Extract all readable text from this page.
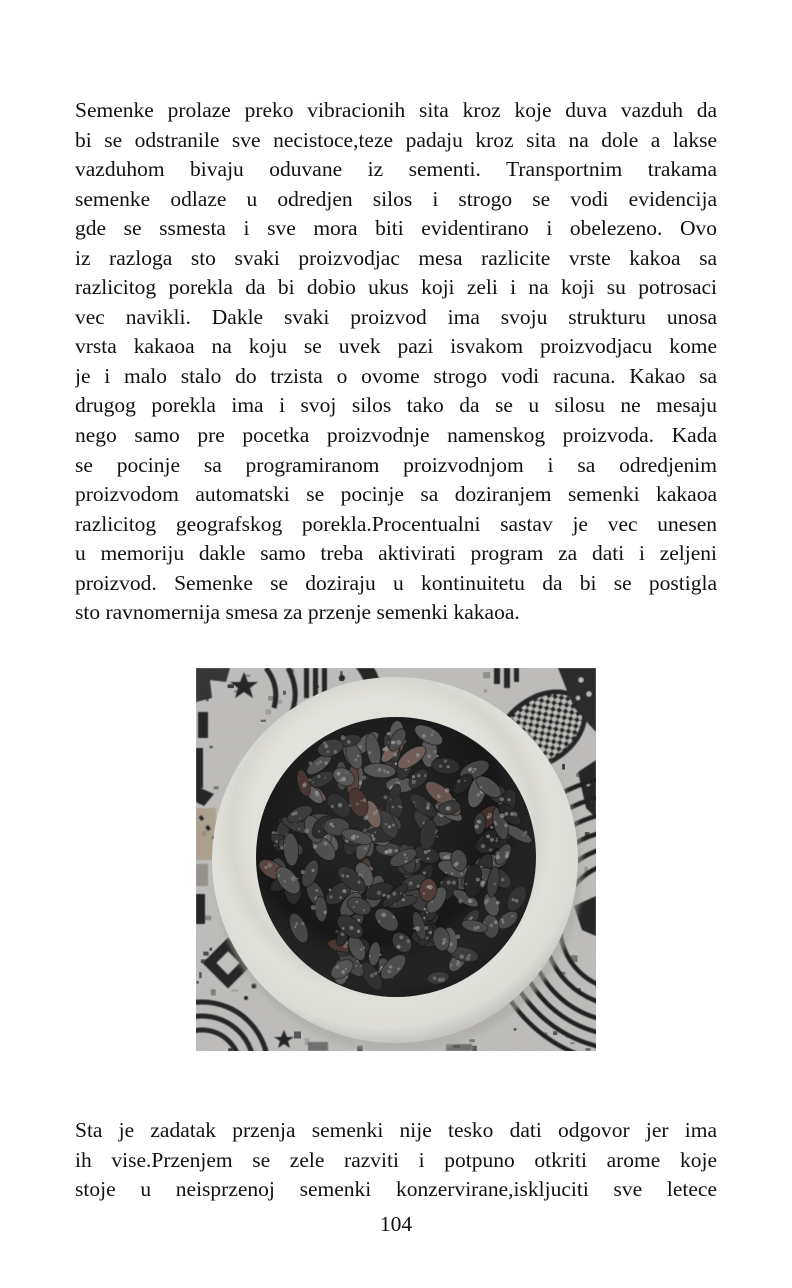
Semenke prolaze preko vibracionih sita kroz koje duva vazduh da
bi se odstranile sve necistoce,teze padaju kroz sita na dole a lakse
vazduhom bivaju oduvane iz sementi. Transportnim trakama
semenke odlaze u odredjen silos i strogo se vodi evidencija
gde se ssmesta i sve mora biti evidentirano i obelezeno. Ovo
iz razloga sto svaki proizvodjac mesa razlicite vrste kakoa sa
razlicitog porekla da bi dobio ukus koji zeli i na koji su potrosaci
vec navikli. Dakle svaki proizvod ima svoju strukturu unosa
vrsta kakaoa na koju se uvek pazi isvakom proizvodjacu kome
je i malo stalo do trzista o ovome strogo vodi racuna. Kakao sa
drugog porekla ima i svoj silos tako da se u silosu ne mesaju
nego samo pre pocetka proizvodnje namenskog proizvoda. Kada
se pocinje sa programiranom proizvodnjom i sa odredjenim
proizvodom automatski se pocinje sa doziranjem semenki kakaoa
razlicitog geografskog porekla.Procentualni sastav je vec unesen
u memoriju dakle samo treba aktivirati program za dati i zeljeni
proizvod. Semenke se doziraju u kontinuitetu da bi se postigla
sto ravnomernija smesa za przenje semenki kakaoa.
Sta je zadatak przenja semenki nije tesko dati odgovor jer ima
ih vise.Przenjem se zele razviti i potpuno otkriti arome koje
stoje u neisprzenoj semenki konzervirane,iskljuciti sve letece
104
